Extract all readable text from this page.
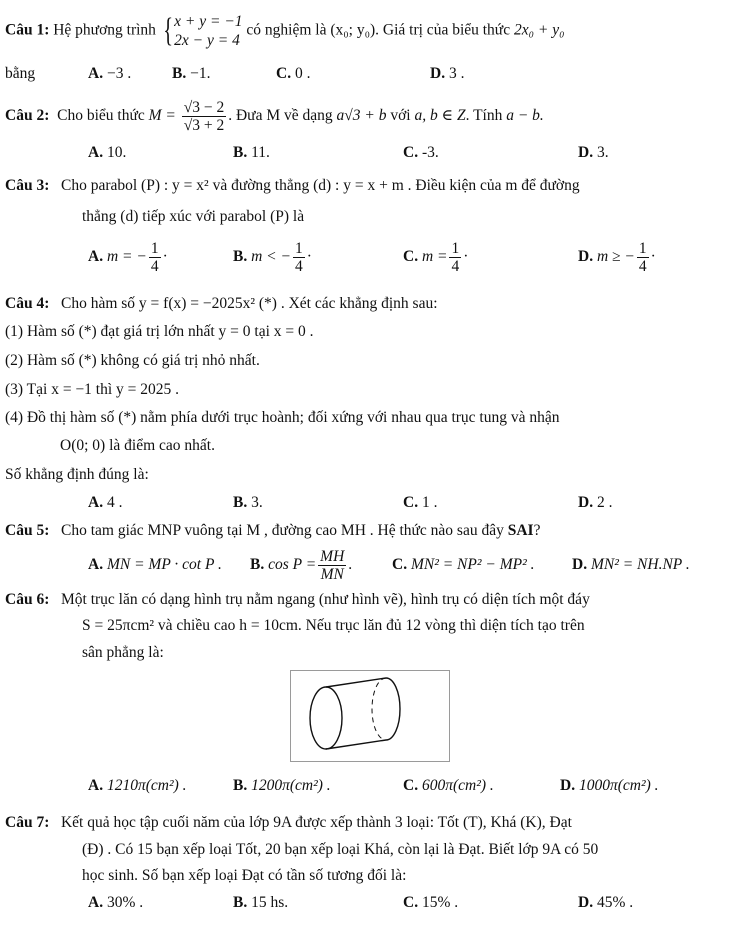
Câu 1: Hệ phương trình { x + y = −1
2x − y = 4
có nghiệm là (x₀; y₀). Giá trị của biểu thức 2x₀ + y₀
bằng	A. −3 .	B. −1.	C. 0 .	D. 3 .
Câu 2: Cho biểu thức $M = \frac{√3 - 2}{√3 + 2}$ . Đưa M về dạng a√3 + b với a, b ∈ Z. Tính a − b.
A. 10.	B. 11.	C. -3.	D. 3.
Câu 3: Cho parabol (P) : y = x² và đường thẳng (d) : y = x + m . Điều kiện của m để đường
thẳng (d) tiếp xúc với parabol (P) là
A. m = − $\frac{1}{4}$ ·	B. m < − $\frac{1}{4}$ ·	C. $m = \frac{1}{4}$ ·	D. m ≥ − $\frac{1}{4}$ ·
Câu 4: Cho hàm số y = f(x) = −2025x² (*) . Xét các khẳng định sau:
(1) Hàm số (*) đạt giá trị lớn nhất y = 0 tại x = 0 .
(2) Hàm số (*) không có giá trị nhỏ nhất.
(3) Tại x = −1 thì y = 2025 .
(4) Đồ thị hàm số (*) nằm phía dưới trục hoành; đối xứng với nhau qua trục tung và nhận
O(0; 0) là điểm cao nhất.
Số khẳng định đúng là:
A. 4 .	B. 3.	C. 1 .	D. 2 .
Câu 5: Cho tam giác MNP vuông tại M , đường cao MH . Hệ thức nào sau đây SAI?
A. MN = MP · cot P . B. $\cos P = \frac{MH}{MN}$ .	C. MN² = NP² − MP² . D. MN² = NH.NP .
Câu 6: Một trục lăn có dạng hình trụ nằm ngang (như hình vẽ), hình trụ có diện tích một đáy
S = 25πcm² và chiều cao h = 10cm. Nếu trục lăn đủ 12 vòng thì diện tích tạo trên
sân phẳng là:
A. 1210π(cm²) .	B. 1200π(cm²) .	C. 600π(cm²) .	D. 1000π(cm²) .
Câu 7: Kết quả học tập cuối năm của lớp 9A được xếp thành 3 loại: Tốt (T), Khá (K), Đạt
(Đ) . Có 15 bạn xếp loại Tốt, 20 bạn xếp loại Khá, còn lại là Đạt. Biết lớp 9A có 50
học sinh. Số bạn xếp loại Đạt có tần số tương đối là:
A. 30% .	B. 15 hs.	C. 15% .	D. 45% .
